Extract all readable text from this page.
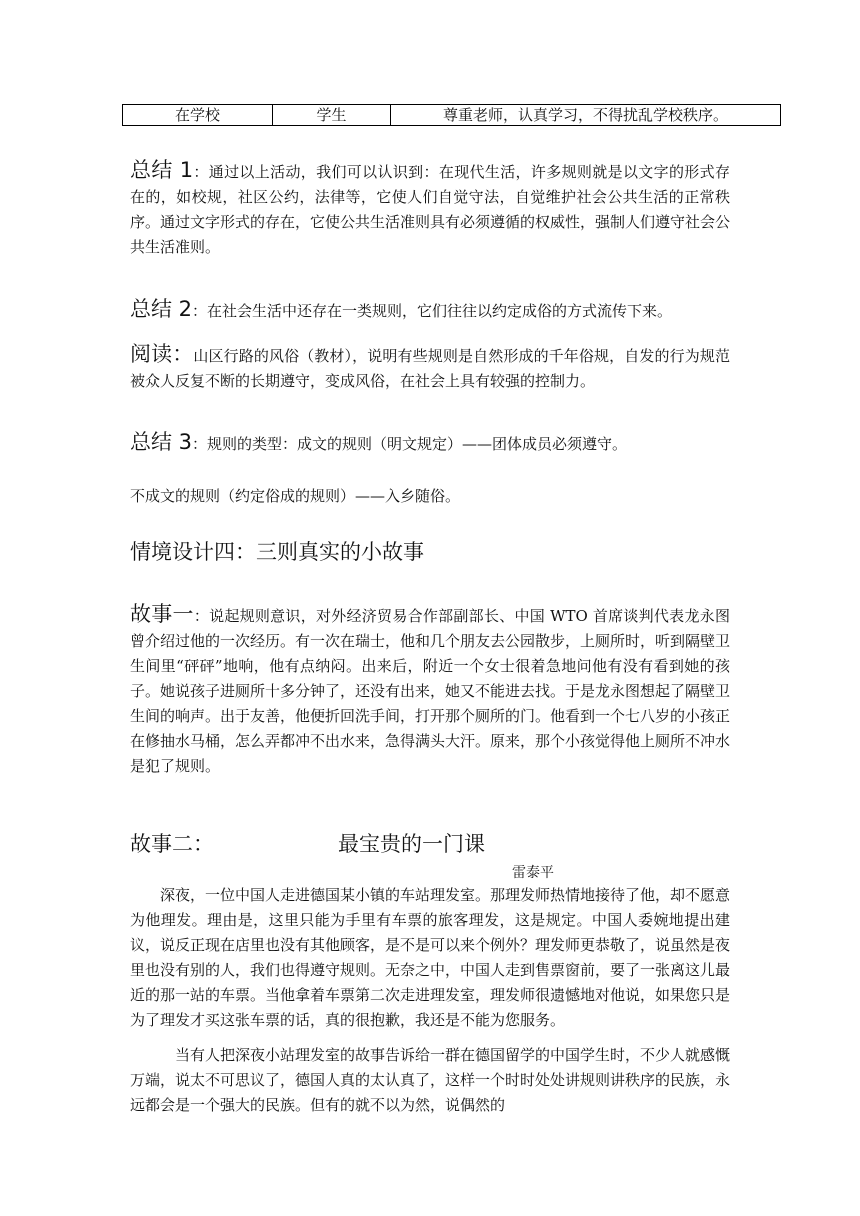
在学校	学生	尊重老师，认真学习，不得扰乱学校秩序。
总结 1：通过以上活动，我们可以认识到：在现代生活，许多规则就是以文字的形式存在的，如校规，社区公约，法律等，它使人们自觉守法，自觉维护社会公共生活的正常秩序。通过文字形式的存在，它使公共生活准则具有必须遵循的权威性，强制人们遵守社会公共生活准则。
总结 2：在社会生活中还存在一类规则，它们往往以约定成俗的方式流传下来。
阅读：山区行路的风俗（教材），说明有些规则是自然形成的千年俗规，自发的行为规范被众人反复不断的长期遵守，变成风俗，在社会上具有较强的控制力。
总结 3：规则的类型：成文的规则（明文规定）——团体成员必须遵守。
不成文的规则（约定俗成的规则）——入乡随俗。
情境设计四：三则真实的小故事
故事一：说起规则意识，对外经济贸易合作部副部长、中国 WTO 首席谈判代表龙永图曾介绍过他的一次经历。有一次在瑞士，他和几个朋友去公园散步，上厕所时，听到隔壁卫生间里“砰砰”地响，他有点纳闷。出来后，附近一个女士很着急地问他有没有看到她的孩子。她说孩子进厕所十多分钟了，还没有出来，她又不能进去找。于是龙永图想起了隔壁卫生间的响声。出于友善，他便折回洗手间，打开那个厕所的门。他看到一个七八岁的小孩正在修抽水马桶，怎么弄都冲不出水来，急得满头大汗。原来，那个小孩觉得他上厕所不冲水是犯了规则。
故事二：	最宝贵的一门课
雷泰平
深夜，一位中国人走进德国某小镇的车站理发室。那理发师热情地接待了他，却不愿意为他理发。理由是，这里只能为手里有车票的旅客理发，这是规定。中国人委婉地提出建议，说反正现在店里也没有其他顾客，是不是可以来个例外？理发师更恭敬了，说虽然是夜里也没有别的人，我们也得遵守规则。无奈之中，中国人走到售票窗前，要了一张离这儿最近的那一站的车票。当他拿着车票第二次走进理发室，理发师很遗憾地对他说，如果您只是为了理发才买这张车票的话，真的很抱歉，我还是不能为您服务。
当有人把深夜小站理发室的故事告诉给一群在德国留学的中国学生时，不少人就感慨万端，说太不可思议了，德国人真的太认真了，这样一个时时处处讲规则讲秩序的民族，永远都会是一个强大的民族。但有的就不以为然，说偶然的
